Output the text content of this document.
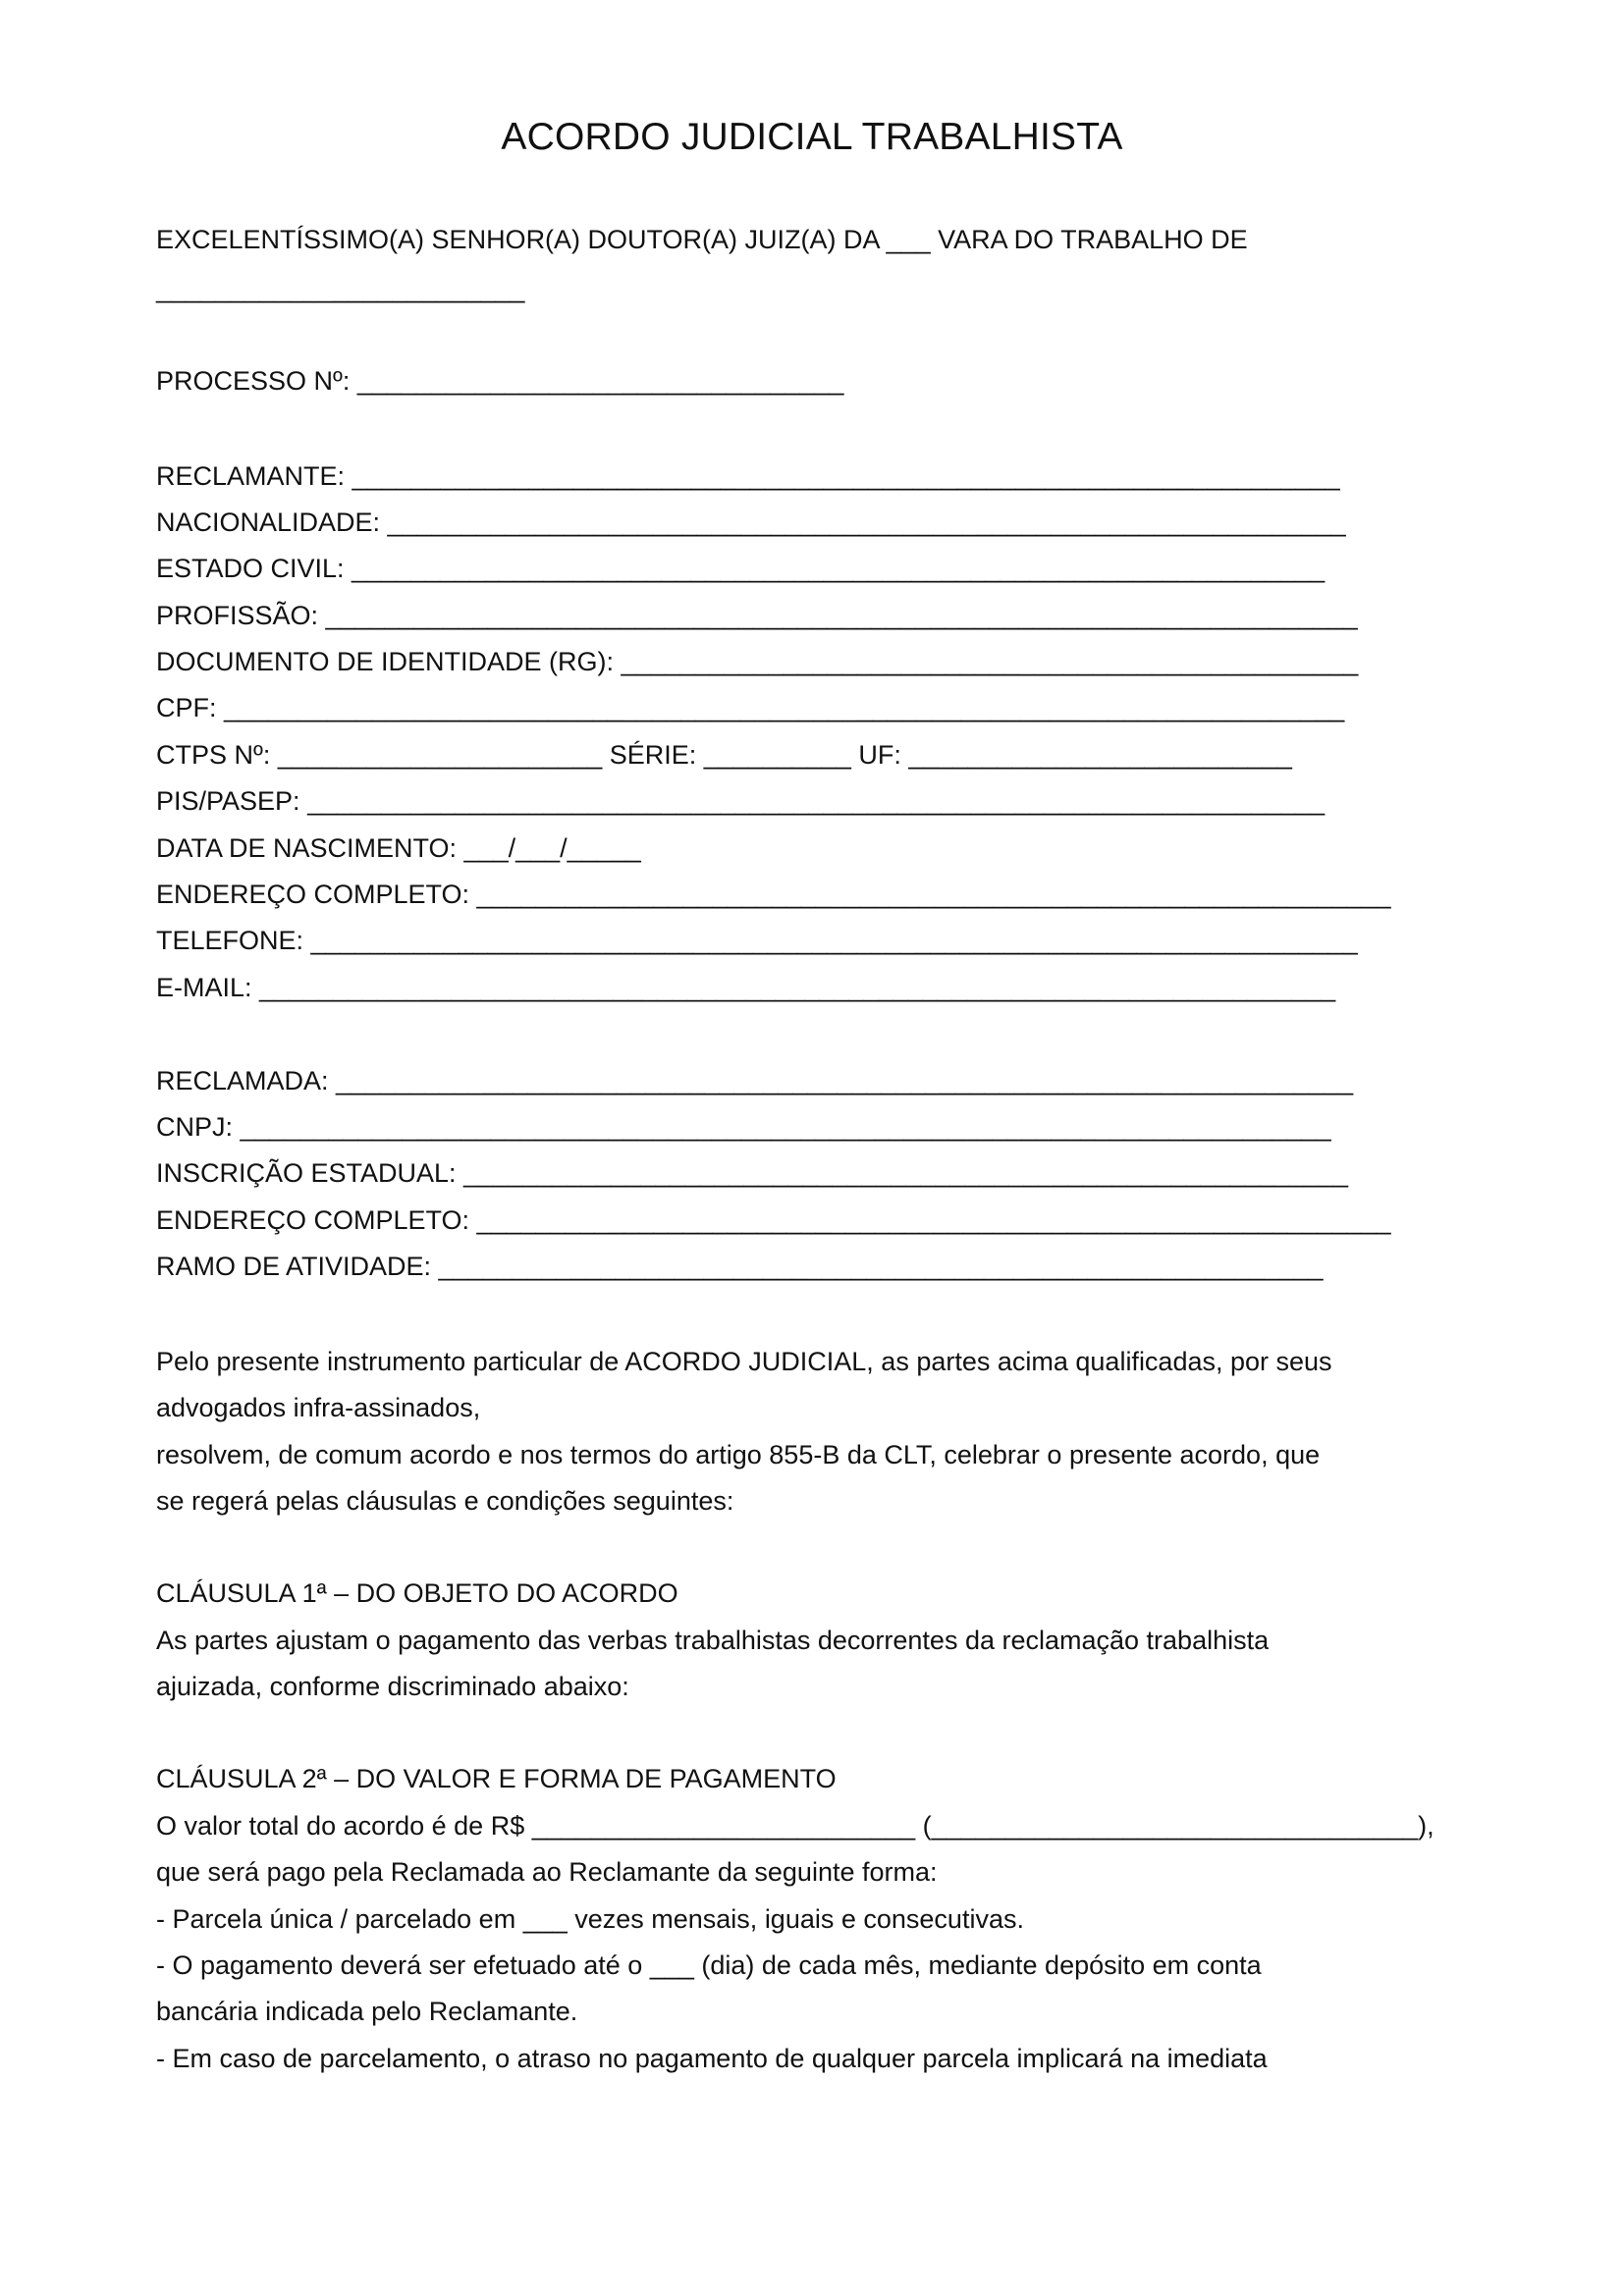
ACORDO JUDICIAL TRABALHISTA

EXCELENTÍSSIMO(A) SENHOR(A) DOUTOR(A) JUIZ(A) DA ___ VARA DO TRABALHO DE

_________________________

PROCESSO Nº: _________________________________

RECLAMANTE: ___________________________________________________________________

NACIONALIDADE: _________________________________________________________________

ESTADO CIVIL: __________________________________________________________________

PROFISSÃO: ______________________________________________________________________

DOCUMENTO DE IDENTIDADE (RG): __________________________________________________

CPF: ____________________________________________________________________________

CTPS Nº: ______________________ SÉRIE: __________ UF: __________________________

PIS/PASEP: _____________________________________________________________________

DATA DE NASCIMENTO: ___/___/_____

ENDEREÇO COMPLETO: ______________________________________________________________

TELEFONE: _______________________________________________________________________

E-MAIL: _________________________________________________________________________

RECLAMADA: _____________________________________________________________________

CNPJ: __________________________________________________________________________

INSCRIÇÃO ESTADUAL: ____________________________________________________________

ENDEREÇO COMPLETO: ______________________________________________________________

RAMO DE ATIVIDADE: ____________________________________________________________

Pelo presente instrumento particular de ACORDO JUDICIAL, as partes acima qualificadas, por seus

advogados infra-assinados,

resolvem, de comum acordo e nos termos do artigo 855-B da CLT, celebrar o presente acordo, que

se regerá pelas cláusulas e condições seguintes:

CLÁUSULA 1ª – DO OBJETO DO ACORDO

As partes ajustam o pagamento das verbas trabalhistas decorrentes da reclamação trabalhista

ajuizada, conforme discriminado abaixo:

CLÁUSULA 2ª – DO VALOR E FORMA DE PAGAMENTO

O valor total do acordo é de R$ __________________________ (_________________________________),

que será pago pela Reclamada ao Reclamante da seguinte forma:

- Parcela única / parcelado em ___ vezes mensais, iguais e consecutivas.

- O pagamento deverá ser efetuado até o ___ (dia) de cada mês, mediante depósito em conta

bancária indicada pelo Reclamante.

- Em caso de parcelamento, o atraso no pagamento de qualquer parcela implicará na imediata
